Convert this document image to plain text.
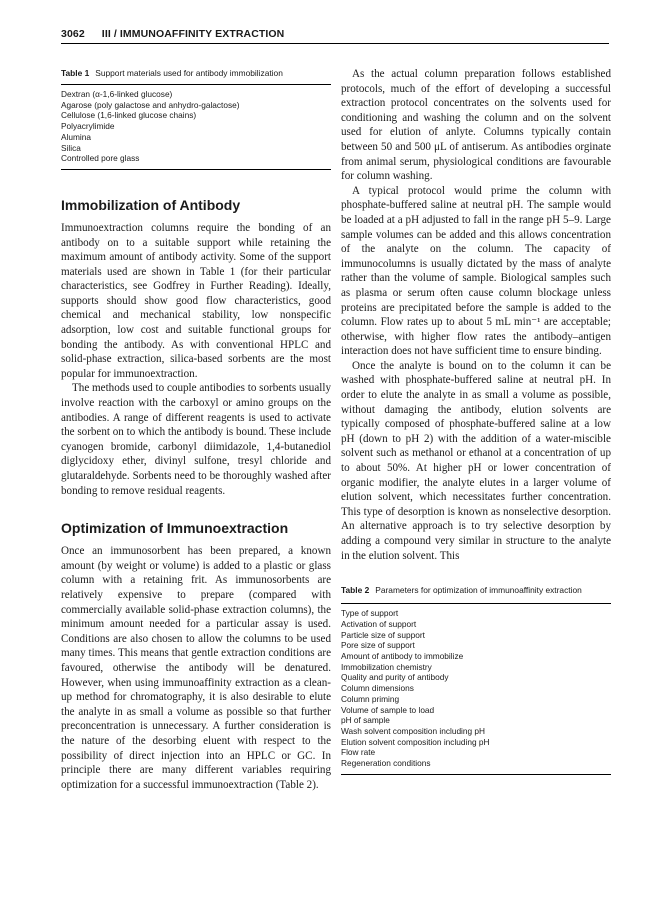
3062 III / IMMUNOAFFINITY EXTRACTION
Table 1 Support materials used for antibody immobilization
Dextran (α-1,6-linked glucose)
Agarose (poly galactose and anhydro-galactose)
Cellulose (1,6-linked glucose chains)
Polyacrylimide
Alumina
Silica
Controlled pore glass
Immobilization of Antibody

Immunoextraction columns require the bonding of an antibody on to a suitable support while retaining the maximum amount of antibody activity. Some of the support materials used are shown in Table 1 (for their particular characteristics, see Godfrey in Further Reading). Ideally, supports should show good flow characteristics, good chemical and mechanical stability, low nonspecific adsorption, low cost and suitable functional groups for bonding the antibody. As with conventional HPLC and solid-phase extraction, silica-based sorbents are the most popular for immunoextraction.

The methods used to couple antibodies to sorbents usually involve reaction with the carboxyl or amino groups on the antibodies. A range of different reagents is used to activate the sorbent on to which the antibody is bound. These include cyanogen bromide, carbonyl diimidazole, 1,4-butanediol diglycidoxy ether, divinyl sulfone, tresyl chloride and glutaraldehyde. Sorbents need to be thoroughly washed after bonding to remove residual reagents.

Optimization of Immunoextraction

Once an immunosorbent has been prepared, a known amount (by weight or volume) is added to a plastic or glass column with a retaining frit. As immunosorbents are relatively expensive to prepare (compared with commercially available solid-phase extraction columns), the minimum amount needed for a particular assay is used. Conditions are also chosen to allow the columns to be used many times. This means that gentle extraction conditions are favoured, otherwise the antibody will be denatured. However, when using immunoaffinity extraction as a clean-up method for chromatography, it is also desirable to elute the analyte in as small a volume as possible so that further preconcentration is unnecessary. A further consideration is the nature of the desorbing eluent with respect to the possibility of direct injection into an HPLC or GC. In principle there are many different variables requiring optimization for a successful immunoextraction (Table 2).

As the actual column preparation follows established protocols, much of the effort of developing a successful extraction protocol concentrates on the solvents used for conditioning and washing the column and on the solvent used for elution of anlyte. Columns typically contain between 50 and 500 μL of antiserum. As antibodies orginate from animal serum, physiological conditions are favourable for column washing.

A typical protocol would prime the column with phosphate-buffered saline at neutral pH. The sample would be loaded at a pH adjusted to fall in the range pH 5–9. Large sample volumes can be added and this allows concentration of the analyte on the column. The capacity of immunocolumns is usually dictated by the mass of analyte rather than the volume of sample. Biological samples such as plasma or serum often cause column blockage unless proteins are precipitated before the sample is added to the column. Flow rates up to about 5 mL min⁻¹ are acceptable; otherwise, with higher flow rates the antibody–antigen interaction does not have sufficient time to ensure binding.

Once the analyte is bound on to the column it can be washed with phosphate-buffered saline at neutral pH. In order to elute the analyte in as small a volume as possible, without damaging the antibody, elution solvents are typically composed of phosphate-buffered saline at a low pH (down to pH 2) with the addition of a water-miscible solvent such as methanol or ethanol at a concentration of up to about 50%. At higher pH or lower concentration of organic modifier, the analyte elutes in a larger volume of elution solvent, which necessitates further concentration. This type of desorption is known as nonselective desorption. An alternative approach is to try selective desorption by adding a compound very similar in structure to the analyte in the elution solvent. This

Table 2 Parameters for optimization of immunoaffinity extraction
Type of support
Activation of support
Particle size of support
Pore size of support
Amount of antibody to immobilize
Immobilization chemistry
Quality and purity of antibody
Column dimensions
Column priming
Volume of sample to load
pH of sample
Wash solvent composition including pH
Elution solvent composition including pH
Flow rate
Regeneration conditions
